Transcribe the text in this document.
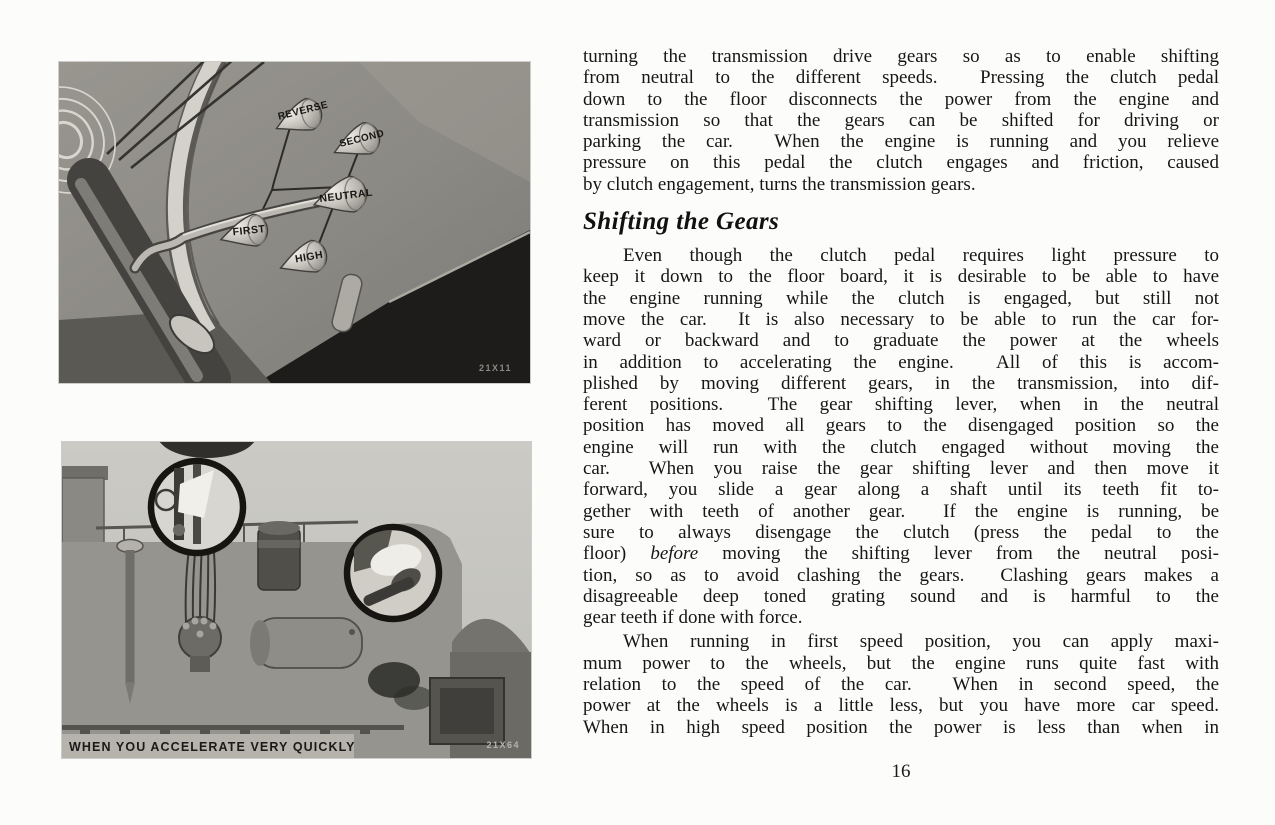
REVERSE
SECOND
NEUTRAL
FIRST
HIGH
21X11
WHEN YOU ACCELERATE VERY QUICKLY	21X64
turning the transmission drive gears so as to enable shifting
from neutral to the different speeds.  Pressing the clutch pedal
down to the floor disconnects the power from the engine and
transmission so that the gears can be shifted for driving or
parking the car.  When the engine is running and you relieve
pressure on this pedal the clutch engages and friction, caused
by clutch engagement, turns the transmission gears.
Shifting the Gears
Even though the clutch pedal requires light pressure to
keep it down to the floor board, it is desirable to be able to have
the engine running while the clutch is engaged, but still not
move the car.  It is also necessary to be able to run the car for-
ward or backward and to graduate the power at the wheels
in addition to accelerating the engine.  All of this is accom-
plished by moving different gears, in the transmission, into dif-
ferent positions.  The gear shifting lever, when in the neutral
position has moved all gears to the disengaged position so the
engine will run with the clutch engaged without moving the
car.  When you raise the gear shifting lever and then move it
forward, you slide a gear along a shaft until its teeth fit to-
gether with teeth of another gear.  If the engine is running, be
sure to always disengage the clutch (press the pedal to the
floor) before moving the shifting lever from the neutral posi-
tion, so as to avoid clashing the gears.  Clashing gears makes a
disagreeable deep toned grating sound and is harmful to the
gear teeth if done with force.
When running in first speed position, you can apply maxi-
mum power to the wheels, but the engine runs quite fast with
relation to the speed of the car.  When in second speed, the
power at the wheels is a little less, but you have more car speed.
When in high speed position the power is less than when in
16
